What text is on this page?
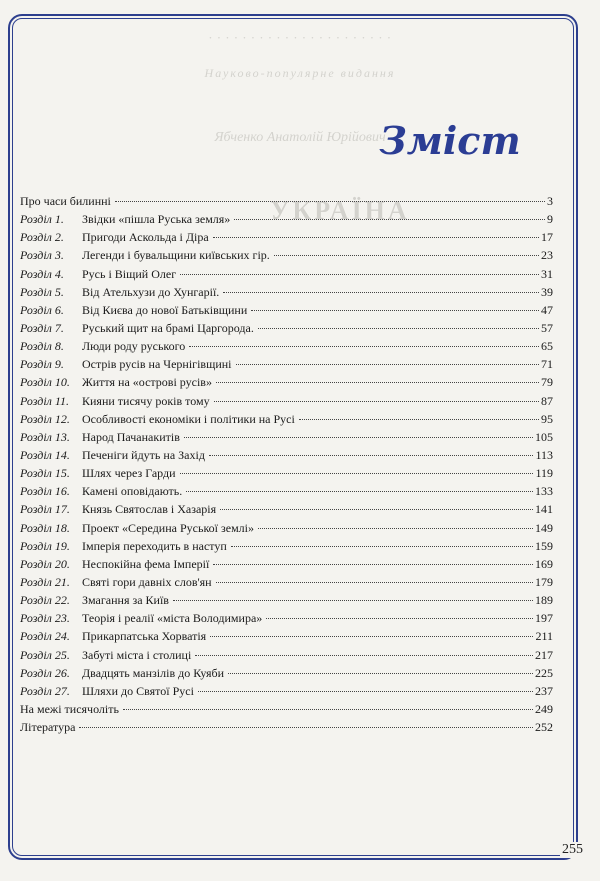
· · · · · · · · · · · · · · · · · · · · · ·
Науково-популярне видання
Ябченко Анатолій Юрійович
УКРАЇНА
Зміст
Про часи билинні	3
Розділ 1.	Звідки «пішла Руська земля»	9
Розділ 2.	Пригоди Аскольда і Діра	17
Розділ 3.	Легенди і бувальщини київських гір.	23
Розділ 4.	Русь і Віщий Олег	31
Розділ 5.	Від Ательхузи до Хунгарії.	39
Розділ 6.	Від Києва до нової Батьківщини	47
Розділ 7.	Руський щит на брамі Царгорода.	57
Розділ 8.	Люди роду руського	65
Розділ 9.	Острів русів на Чернігівщині	71
Розділ 10.	Життя на «острові русів»	79
Розділ 11.	Кияни тисячу років тому	87
Розділ 12.	Особливості економіки і політики на Русі	95
Розділ 13.	Народ Пачанакитів	105
Розділ 14.	Печеніги йдуть на Захід	113
Розділ 15.	Шлях через Гарди	119
Розділ 16.	Камені оповідають.	133
Розділ 17.	Князь Святослав і Хазарія	141
Розділ 18.	Проект «Середина Руської землі»	149
Розділ 19.	Імперія переходить в наступ	159
Розділ 20.	Неспокійна фема Імперії	169
Розділ 21.	Святі гори давніх слов'ян	179
Розділ 22.	Змагання за Київ	189
Розділ 23.	Теорія і реалії «міста Володимира»	197
Розділ 24.	Прикарпатська Хорватія	211
Розділ 25.	Забуті міста і столиці	217
Розділ 26.	Двадцять манзілів до Куяби	225
Розділ 27.	Шляхи до Святої Русі	237
На межі тисячоліть	249
Література	252
255
